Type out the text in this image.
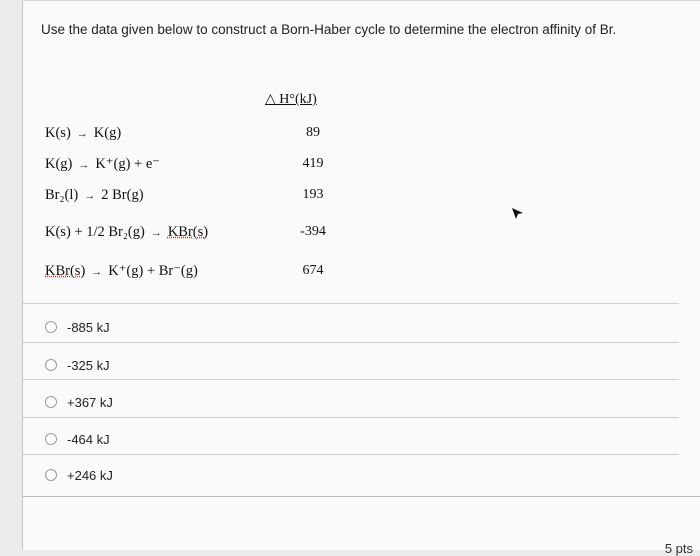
Use the data given below to construct a Born-Haber cycle to determine the electron affinity of Br.
△ H°(kJ)
K(s) → K(g)	89
K(g) → K⁺(g) + e⁻	419
Br₂(l) → 2 Br(g)	193
K(s) + 1/2 Br₂(g) → KBr(s)	-394
KBr(s) → K⁺(g) + Br⁻(g)	674
-885 kJ
-325 kJ
+367 kJ
-464 kJ
+246 kJ
5 pts
